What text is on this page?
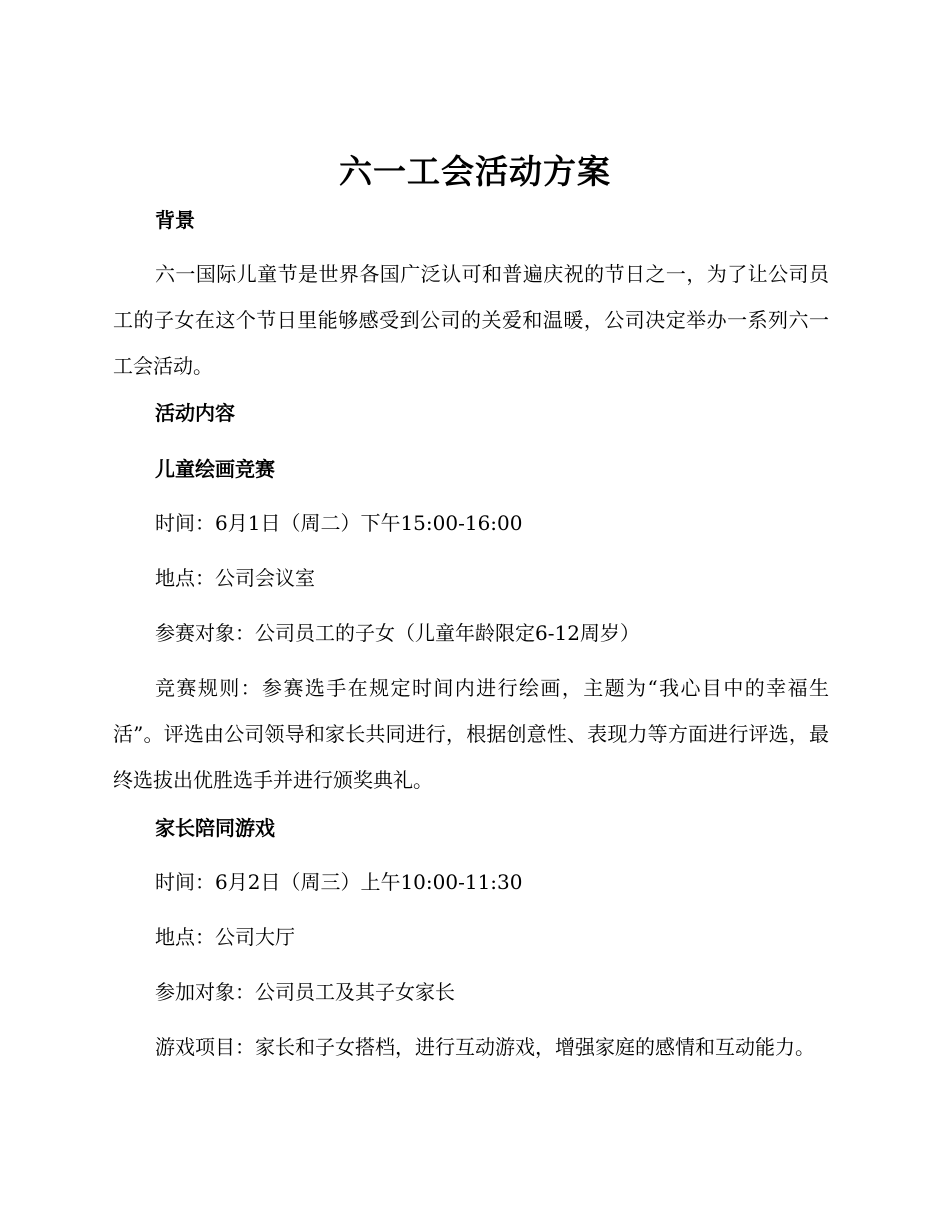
六一工会活动方案

背景

六一国际儿童节是世界各国广泛认可和普遍庆祝的节日之一，为了让公司员工的子女在这个节日里能够感受到公司的关爱和温暖，公司决定举办一系列六一工会活动。

活动内容

儿童绘画竞赛

时间：6月1日（周二）下午15:00-16:00

地点：公司会议室

参赛对象：公司员工的子女（儿童年龄限定6-12周岁）

竞赛规则：参赛选手在规定时间内进行绘画，主题为“我心目中的幸福生活”。评选由公司领导和家长共同进行，根据创意性、表现力等方面进行评选，最终选拔出优胜选手并进行颁奖典礼。

家长陪同游戏

时间：6月2日（周三）上午10:00-11:30

地点：公司大厅

参加对象：公司员工及其子女家长

游戏项目：家长和子女搭档，进行互动游戏，增强家庭的感情和互动能力。
